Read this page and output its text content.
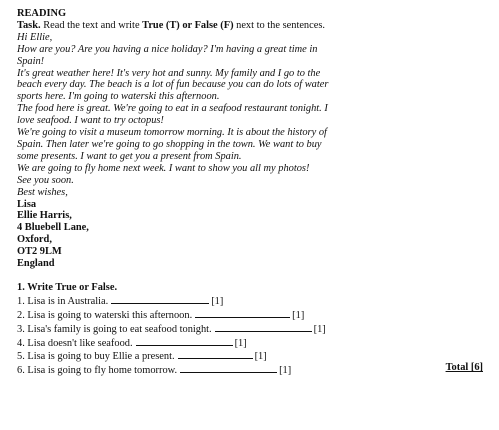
READING
Task. Read the text and write True (T) or False (F) next to the sentences.
Hi Ellie,
How are you? Are you having a nice holiday? I'm having a great time in
Spain!
It's great weather here! It's very hot and sunny. My family and I go to the
beach every day. The beach is a lot of fun because you can do lots of water
sports here. I'm going to waterski this afternoon.
The food here is great. We're going to eat in a seafood restaurant tonight. I
love seafood. I want to try octopus!
We're going to visit a museum tomorrow morning. It is about the history of
Spain. Then later we're going to go shopping in the town. We want to buy
some presents. I want to get you a present from Spain.
We are going to fly home next week. I want to show you all my photos!
See you soon.
Best wishes,
Lisa
Ellie Harris,
4 Bluebell Lane,
Oxford,
OT2 9LM
England
1. Write True or False.
1. Lisa is in Australia.	[1]
2. Lisa is going to waterski this afternoon.	[1]
3. Lisa's family is going to eat seafood tonight.	[1]
4. Lisa doesn't like seafood.	[1]
5. Lisa is going to buy Ellie a present.	[1]
6. Lisa is going to fly home tomorrow.	[1]	Total [6]
